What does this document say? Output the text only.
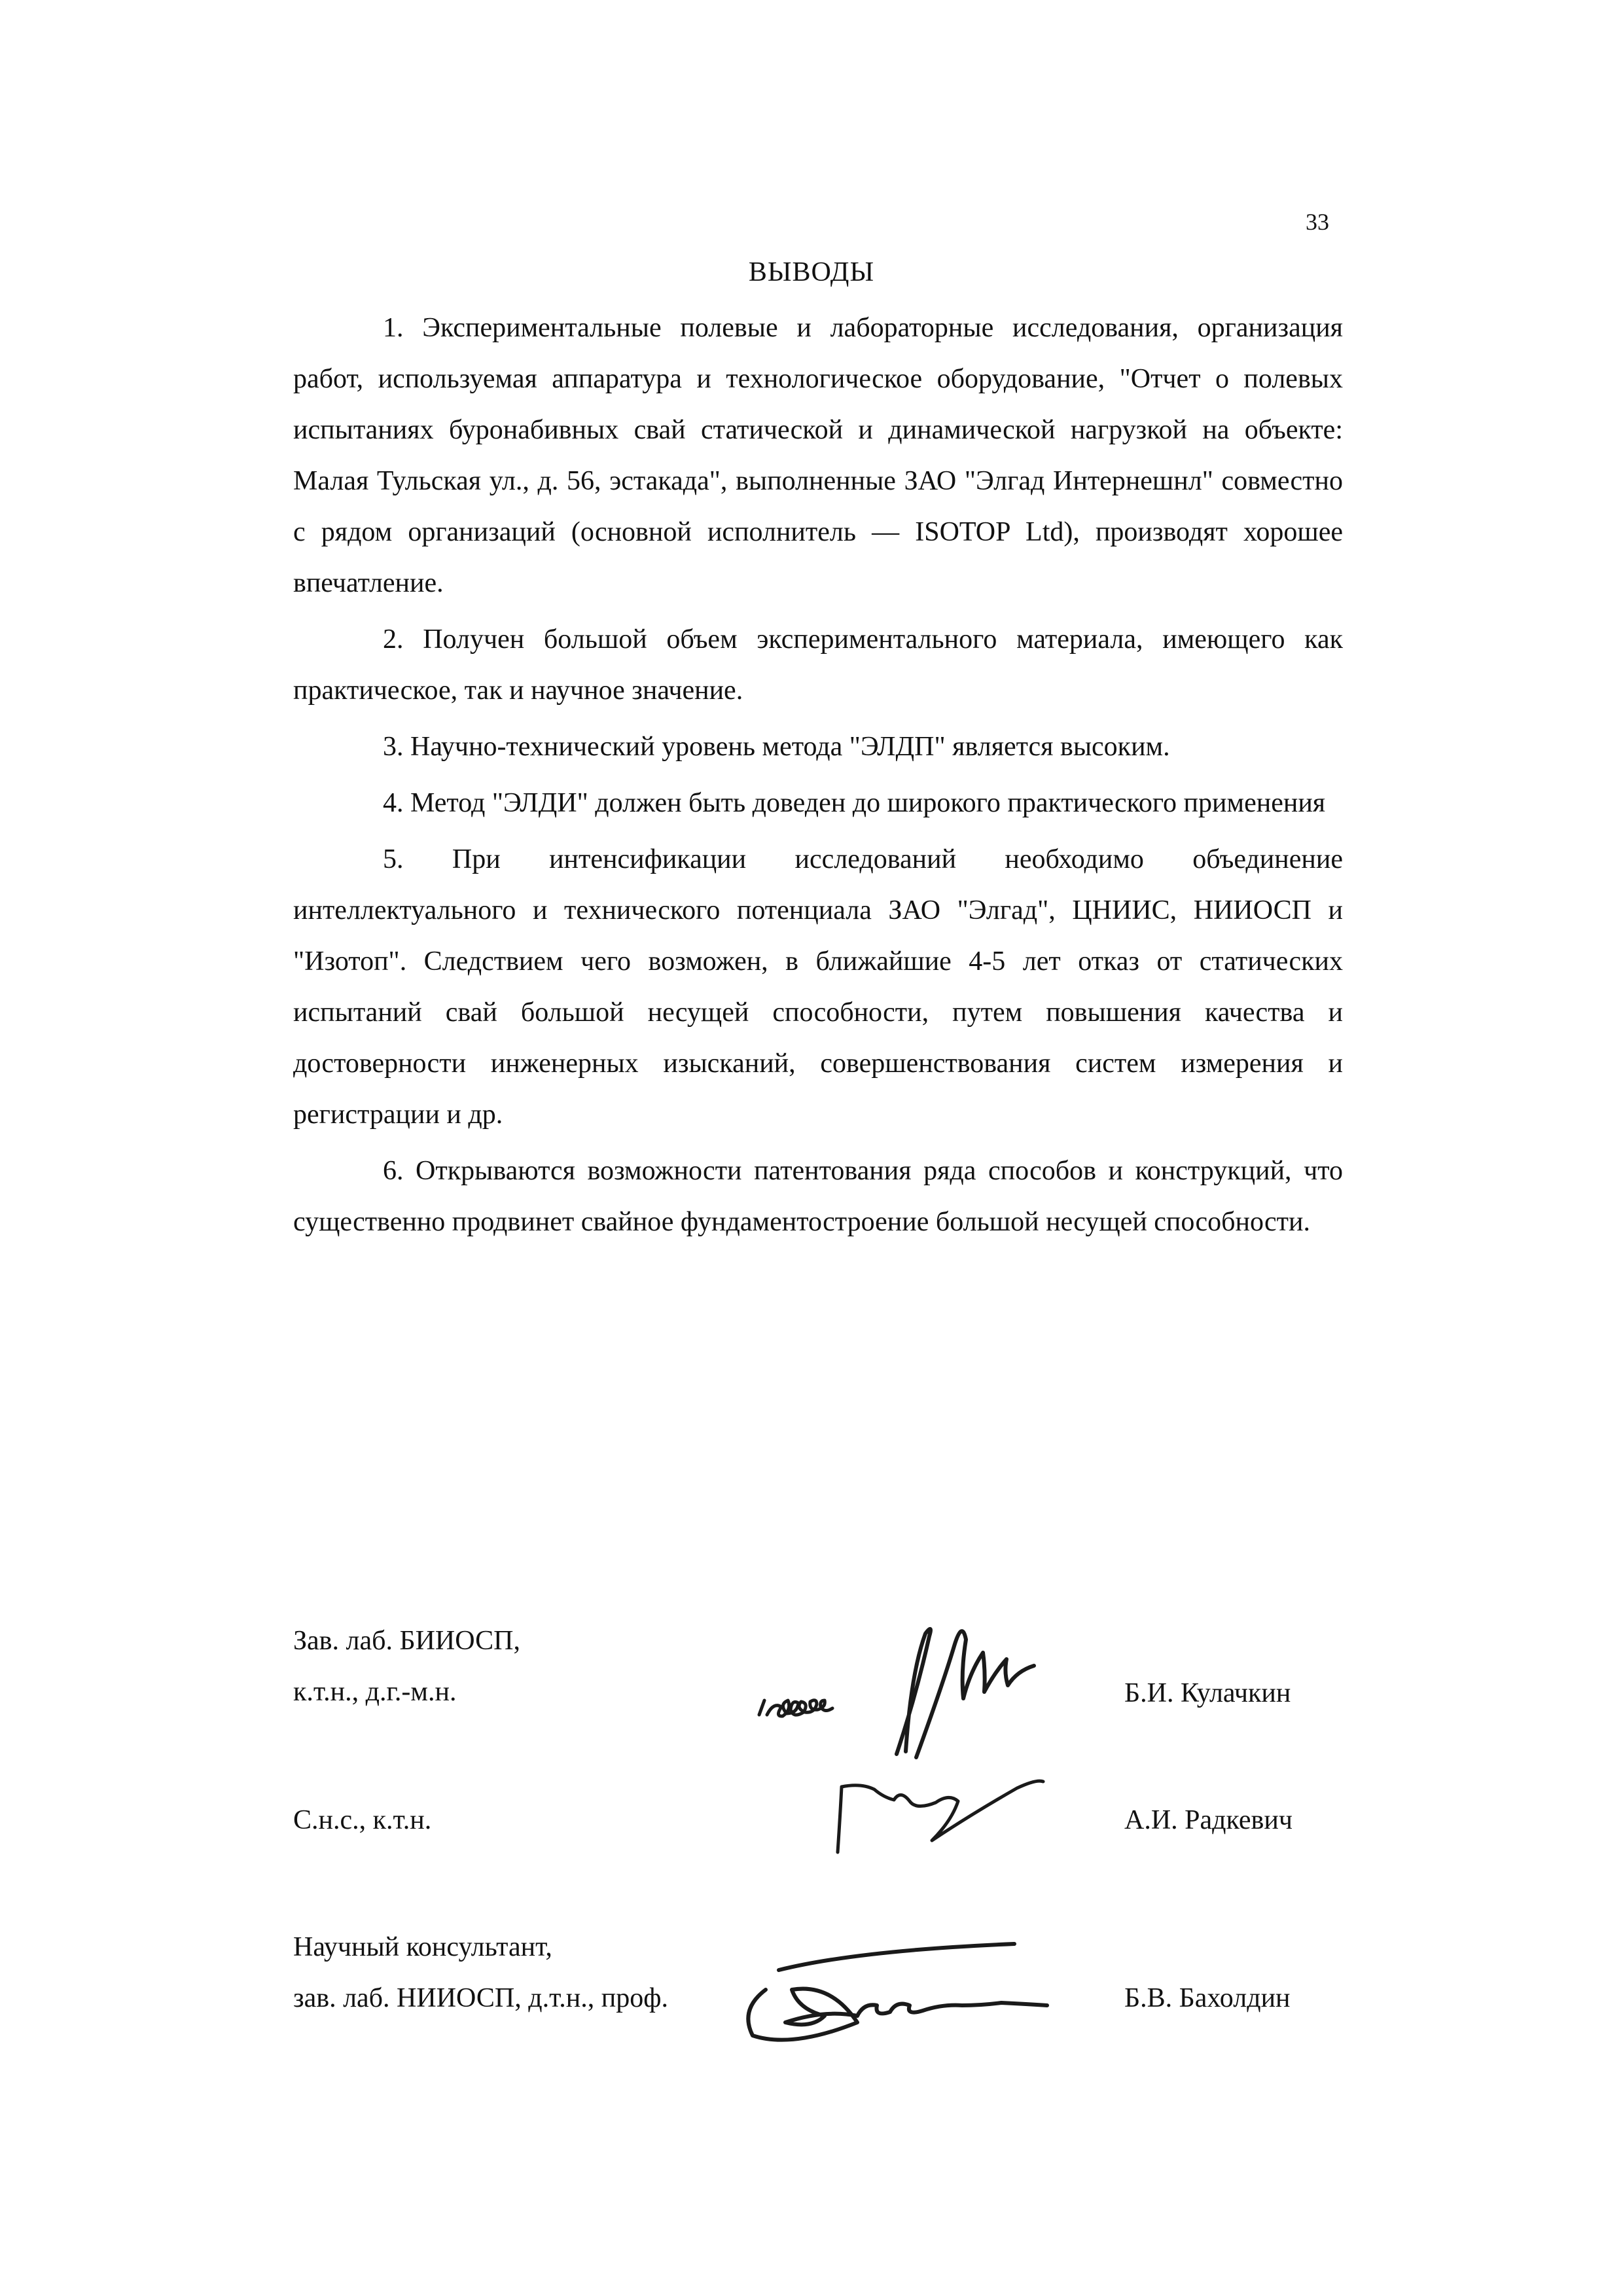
33
ВЫВОДЫ

1. Экспериментальные полевые и лабораторные исследования, организация работ, используемая аппаратура и технологическое оборудование, "Отчет о полевых испытаниях буронабивных свай статической и динамической нагрузкой на объекте: Малая Тульская ул., д. 56, эстакада", выполненные ЗАО "Элгад Интернешнл" совместно с рядом организаций (основной исполнитель — ISOTOP Ltd), производят хорошее впечатление.

2. Получен большой объем экспериментального материала, имеющего как практическое, так и научное значение.

3. Научно-технический уровень метода "ЭЛДП" является высоким.

4. Метод "ЭЛДИ" должен быть доведен до широкого практического применения

5. При интенсификации исследований необходимо объединение интеллектуального и технического потенциала ЗАО "Элгад", ЦНИИС, НИИОСП и "Изотоп". Следствием чего возможен, в ближайшие 4-5 лет отказ от статических испытаний свай большой несущей способности, путем повышения качества и достоверности инженерных изысканий, совершенствования систем измерения и регистрации и др.

6. Открываются возможности патентования ряда способов и конструкций, что существенно продвинет свайное фундаментостроение большой несущей способности.

Зав. лаб. БИИОСП,
к.т.н., д.г.-м.н.	Б.И. Кулачкин
С.н.с., к.т.н.	А.И. Радкевич
Научный консультант,
зав. лаб. НИИОСП, д.т.н., проф.	Б.В. Бахолдин
